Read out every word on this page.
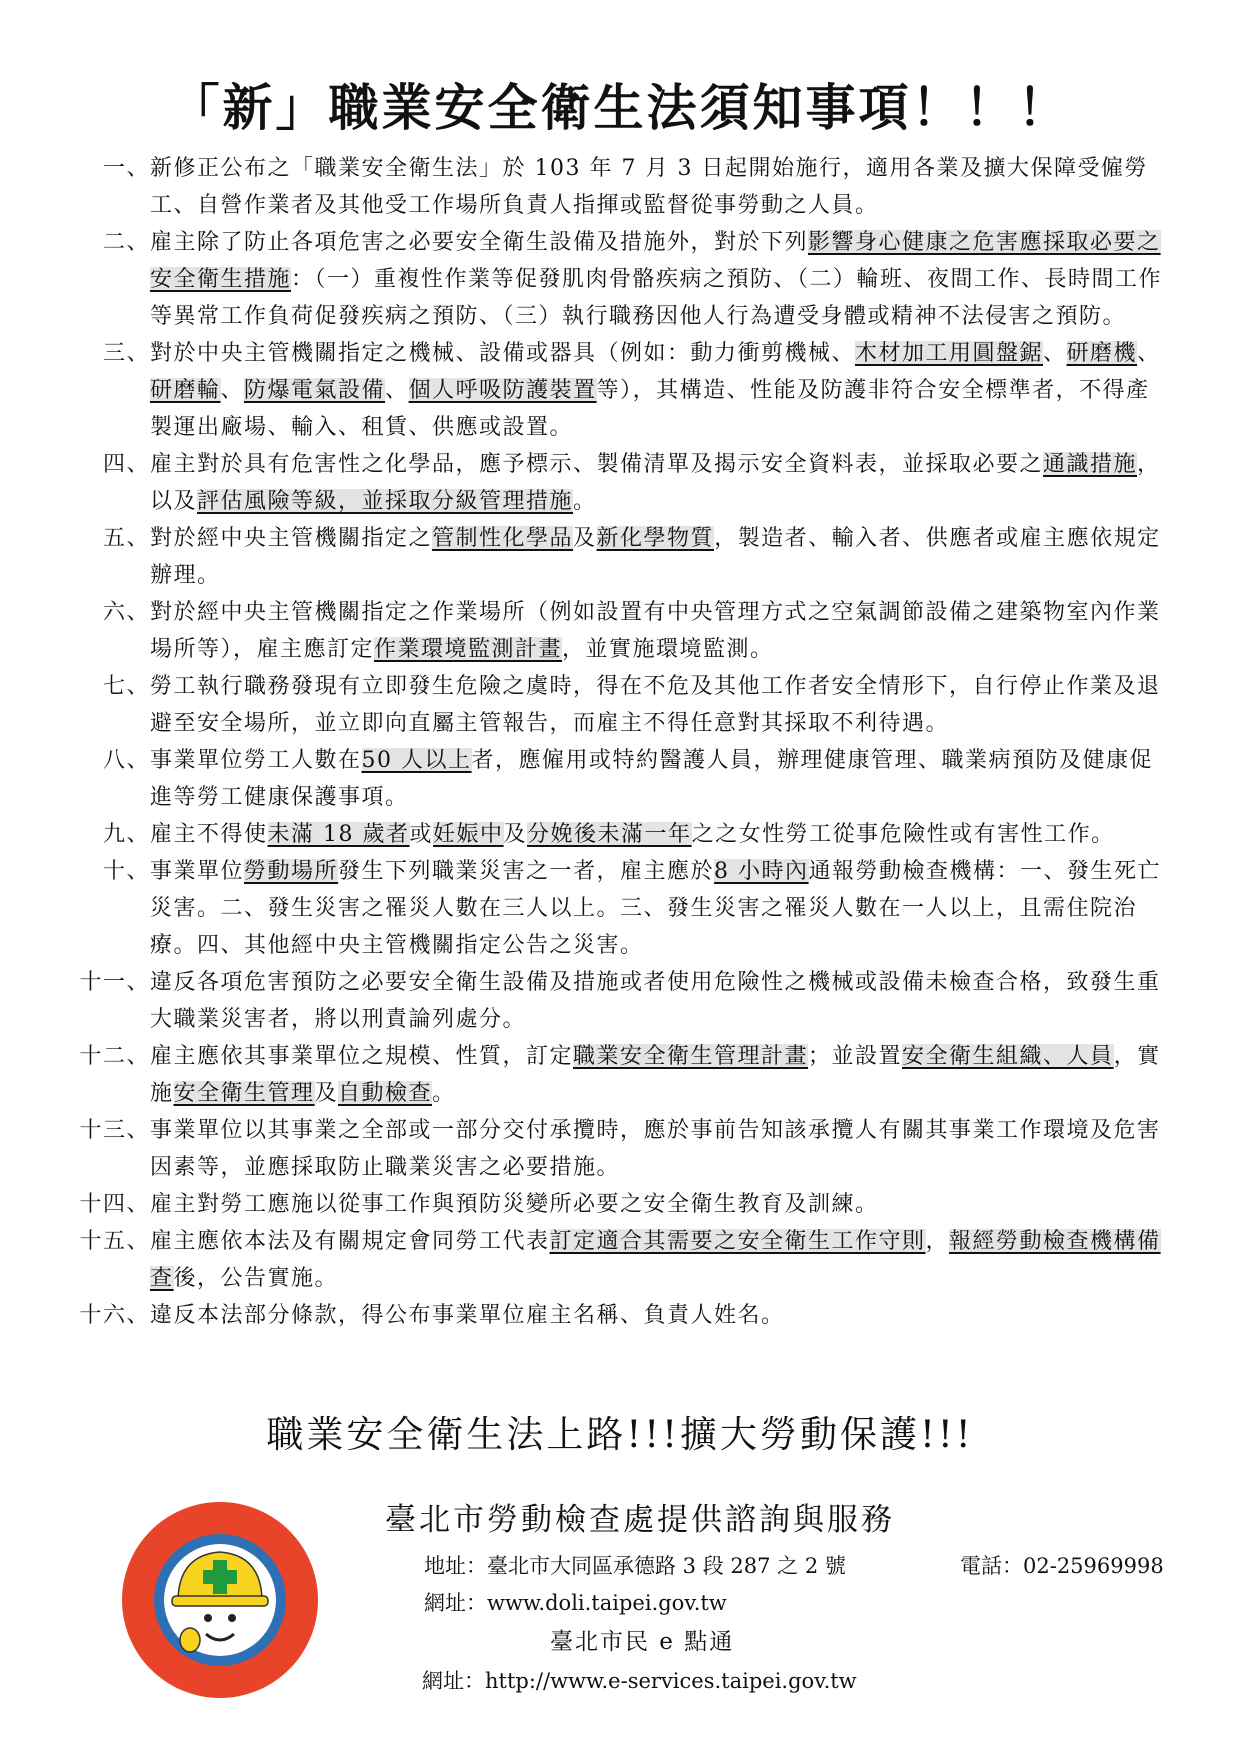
「新」職業安全衛生法須知事項！！！
一、 新修正公布之「職業安全衛生法」於 103 年 7 月 3 日起開始施行，適用各業及擴大保障受僱勞工、自營作業者及其他受工作場所負責人指揮或監督從事勞動之人員。
二、 雇主除了防止各項危害之必要安全衛生設備及措施外，對於下列影響身心健康之危害應採取必要之安全衛生措施：（一）重複性作業等促發肌肉骨骼疾病之預防、（二）輪班、夜間工作、長時間工作等異常工作負荷促發疾病之預防、（三）執行職務因他人行為遭受身體或精神不法侵害之預防。
三、 對於中央主管機關指定之機械、設備或器具（例如：動力衝剪機械、木材加工用圓盤鋸、研磨機、研磨輪、防爆電氣設備、個人呼吸防護裝置等），其構造、性能及防護非符合安全標準者，不得產製運出廠場、輸入、租賃、供應或設置。
四、 雇主對於具有危害性之化學品，應予標示、製備清單及揭示安全資料表，並採取必要之通識措施，以及評估風險等級，並採取分級管理措施。
五、 對於經中央主管機關指定之管制性化學品及新化學物質，製造者、輸入者、供應者或雇主應依規定辦理。
六、 對於經中央主管機關指定之作業場所（例如設置有中央管理方式之空氣調節設備之建築物室內作業場所等），雇主應訂定作業環境監測計畫，並實施環境監測。
七、 勞工執行職務發現有立即發生危險之虞時，得在不危及其他工作者安全情形下，自行停止作業及退避至安全場所，並立即向直屬主管報告，而雇主不得任意對其採取不利待遇。
八、 事業單位勞工人數在50 人以上者，應僱用或特約醫護人員，辦理健康管理、職業病預防及健康促進等勞工健康保護事項。
九、 雇主不得使未滿 18 歲者或妊娠中及分娩後未滿一年之之女性勞工從事危險性或有害性工作。
十、 事業單位勞動場所發生下列職業災害之一者，雇主應於8 小時內通報勞動檢查機構：一、發生死亡災害。二、發生災害之罹災人數在三人以上。三、發生災害之罹災人數在一人以上，且需住院治療。四、其他經中央主管機關指定公告之災害。
十一、 違反各項危害預防之必要安全衛生設備及措施或者使用危險性之機械或設備未檢查合格，致發生重大職業災害者，將以刑責論列處分。
十二、 雇主應依其事業單位之規模、性質，訂定職業安全衛生管理計畫；並設置安全衛生組織、人員，實施安全衛生管理及自動檢查。
十三、 事業單位以其事業之全部或一部分交付承攬時，應於事前告知該承攬人有關其事業工作環境及危害因素等，並應採取防止職業災害之必要措施。
十四、 雇主對勞工應施以從事工作與預防災變所必要之安全衛生教育及訓練。
十五、 雇主應依本法及有關規定會同勞工代表訂定適合其需要之安全衛生工作守則，報經勞動檢查機構備查後，公告實施。
十六、 違反本法部分條款，得公布事業單位雇主名稱、負責人姓名。
職業安全衛生法上路!!!擴大勞動保護!!!
臺北市勞動檢查處提供諮詢與服務
地址：臺北市大同區承德路 3 段 287 之 2 號	電話：02-25969998
網址：www.doli.taipei.gov.tw
臺北市民 e 點通
網址：http://www.e-services.taipei.gov.tw
